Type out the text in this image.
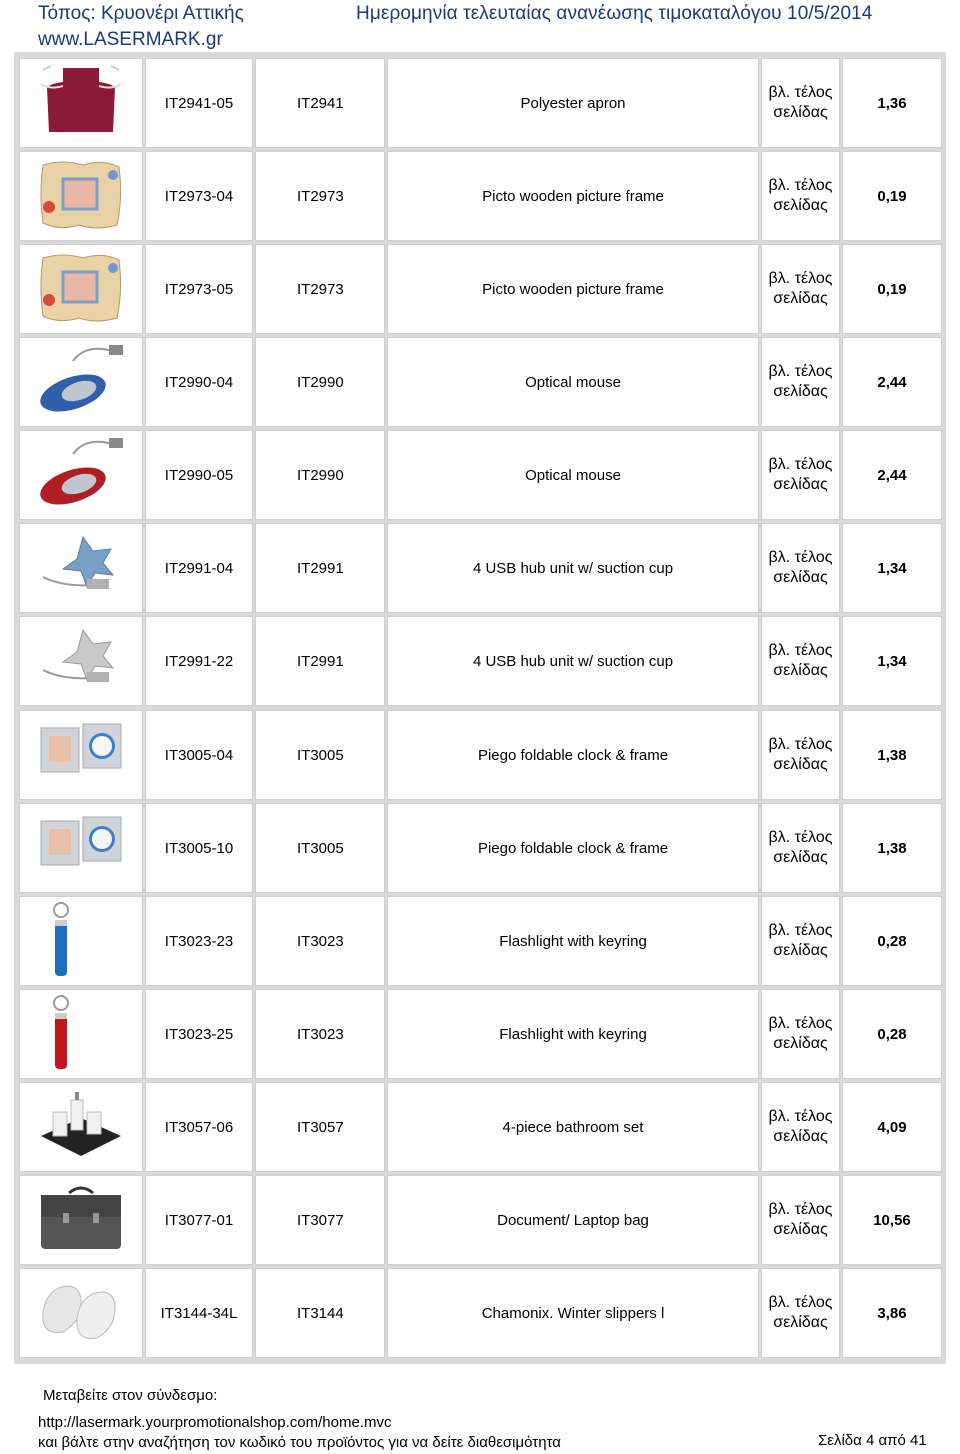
Τόπος: Κρυονέρι Αττικής
www.LASERMARK.gr
Ημερομηνία τελευταίας ανανέωσης τιμοκαταλόγου 10/5/2014
IT2941-05	IT2941	Polyester apron
βλ. τέλος
σελίδας
1,36
IT2973-04	IT2973	Picto wooden picture frame
βλ. τέλος
σελίδας
0,19
IT2973-05	IT2973	Picto wooden picture frame
βλ. τέλος
σελίδας
0,19
IT2990-04	IT2990	Optical mouse
βλ. τέλος
σελίδας
2,44
IT2990-05	IT2990	Optical mouse
βλ. τέλος
σελίδας
2,44
IT2991-04	IT2991	4 USB hub unit w/ suction cup
βλ. τέλος
σελίδας
1,34
IT2991-22	IT2991	4 USB hub unit w/ suction cup
βλ. τέλος
σελίδας
1,34
IT3005-04	IT3005	Piego foldable clock & frame
βλ. τέλος
σελίδας
1,38
IT3005-10	IT3005	Piego foldable clock & frame
βλ. τέλος
σελίδας
1,38
IT3023-23	IT3023	Flashlight with keyring
βλ. τέλος
σελίδας
0,28
IT3023-25	IT3023	Flashlight with keyring
βλ. τέλος
σελίδας
0,28
IT3057-06	IT3057	4-piece bathroom set
βλ. τέλος
σελίδας
4,09
IT3077-01	IT3077	Document/ Laptop bag
βλ. τέλος
σελίδας
10,56
IT3144-34L	IT3144	Chamonix. Winter slippers l
βλ. τέλος
σελίδας
3,86
Μεταβείτε στον σύνδεσμο:
http://lasermark.yourpromotionalshop.com/home.mvc
και βάλτε στην αναζήτηση τον κωδικό του προϊόντος για να δείτε διαθεσιμότητα	Σελίδα 4 από 41
